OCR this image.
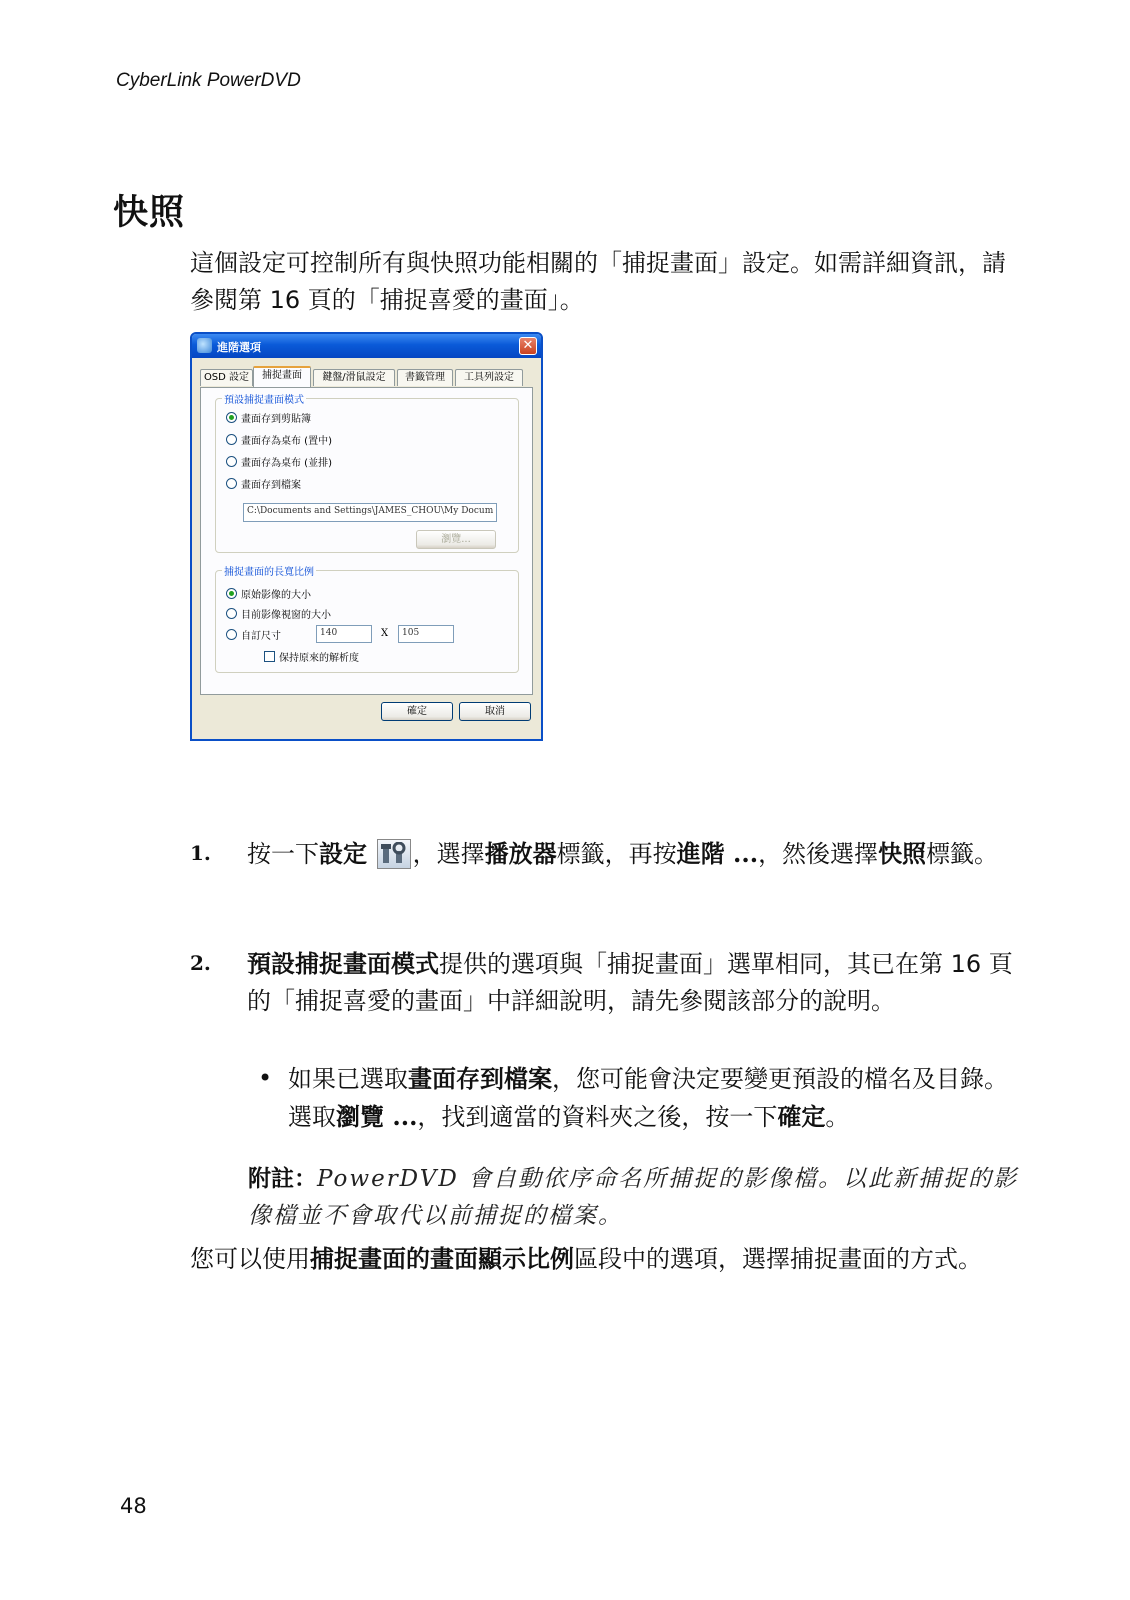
CyberLink PowerDVD
快照

這個設定可控制所有與快照功能相關的「捕捉畫面」設定。如需詳細資訊，請參閱第 16 頁的「捕捉喜愛的畫面」。

進階選項	✕
OSD 設定	捕捉畫面	鍵盤/滑鼠設定	書籤管理	工具列設定
預設捕捉畫面模式
畫面存到剪貼簿
畫面存為桌布 (置中)
畫面存為桌布 (並排)
畫面存到檔案
C:\Documents and Settings\JAMES_CHOU\My Docum
瀏覽...
捕捉畫面的長寬比例
原始影像的大小
目前影像視窗的大小
自訂尺寸	140	X	105
保持原來的解析度
確定	取消
1.	按一下設定 ，選擇播放器標籤，再按進階 ...，然後選擇快照標籤。
2.	預設捕捉畫面模式提供的選項與「捕捉畫面」選單相同，其已在第 16 頁的「捕捉喜愛的畫面」中詳細說明，請先參閱該部分的說明。
• 如果已選取畫面存到檔案，您可能會決定要變更預設的檔名及目錄。選取瀏覽 ...，找到適當的資料夾之後，按一下確定。
附註：PowerDVD 會自動依序命名所捕捉的影像檔。以此新捕捉的影像檔並不會取代以前捕捉的檔案。

您可以使用捕捉畫面的畫面顯示比例區段中的選項，選擇捕捉畫面的方式。

48
